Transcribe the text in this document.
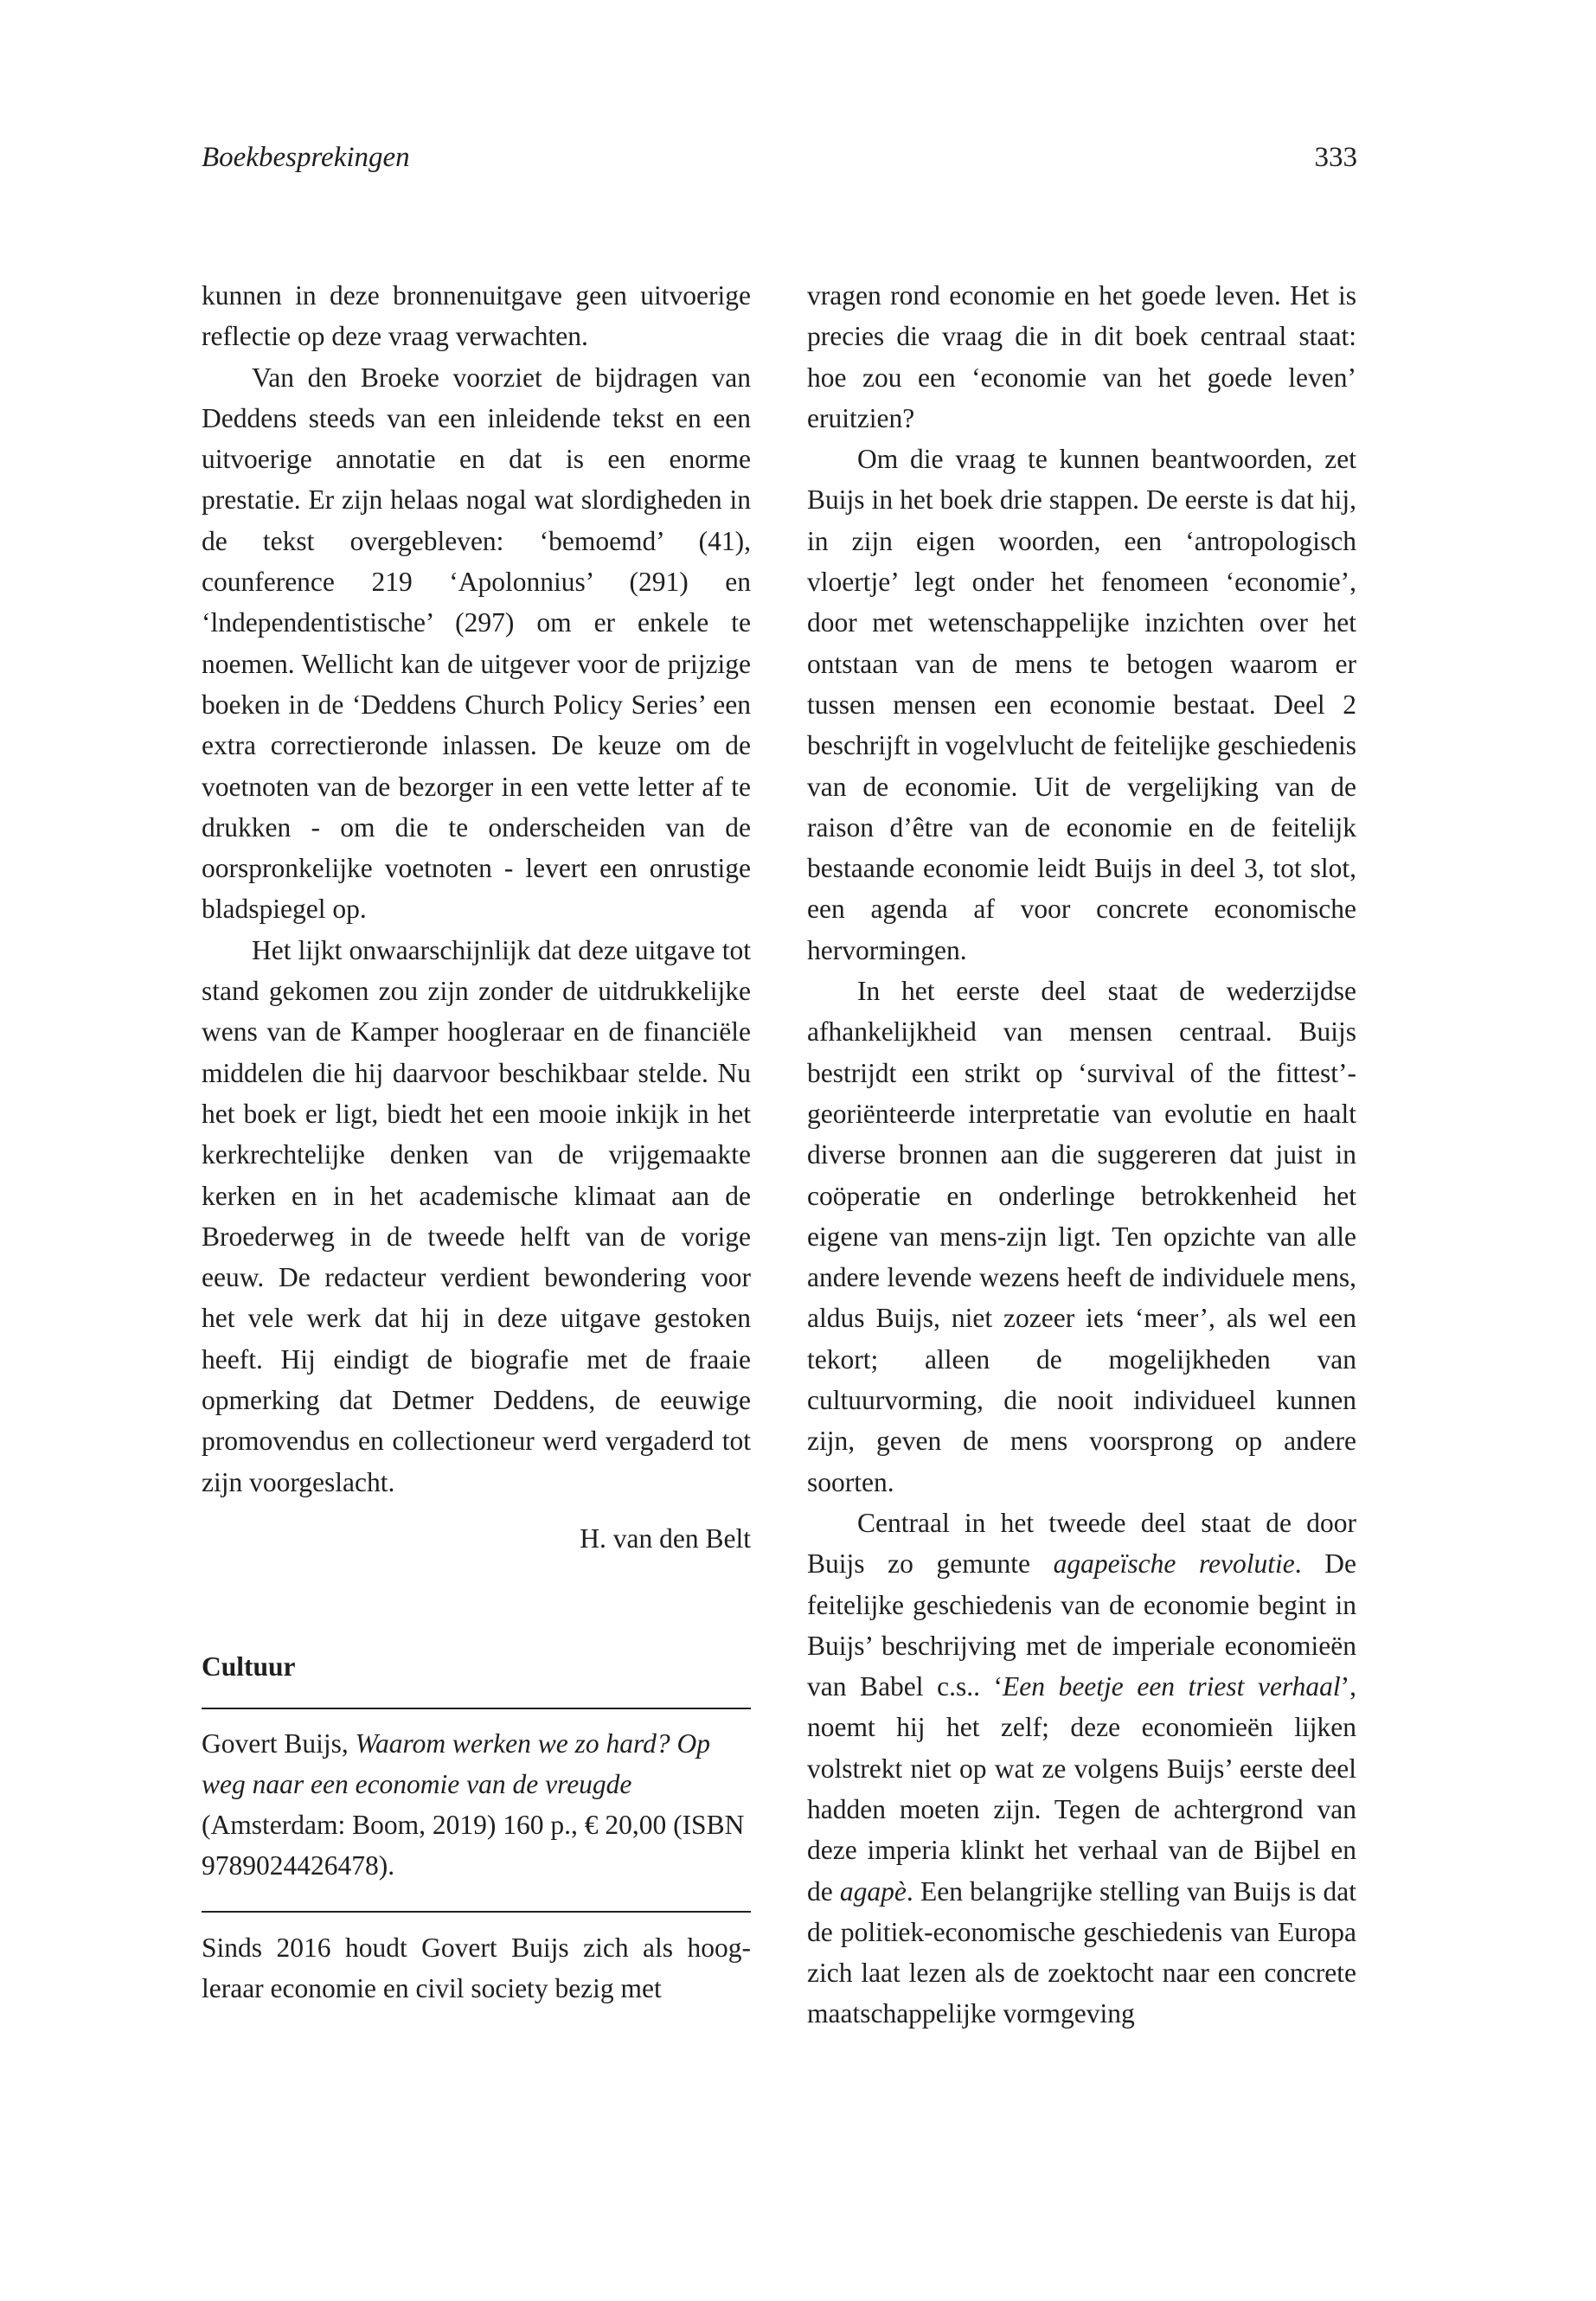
Boekbesprekingen	333

kunnen in deze bronnenuitgave geen uitvoerige reflectie op deze vraag verwachten.

Van den Broeke voorziet de bijdragen van Deddens steeds van een inleidende tekst en een uitvoerige annotatie en dat is een enorme prestatie. Er zijn helaas nogal wat slordigheden in de tekst overgebleven: ‘bemoemd’ (41), counference 219 ‘Apolonnius’ (291) en ‘lndependentistische’ (297) om er enkele te noemen. Wellicht kan de uitgever voor de prijzige boeken in de ‘Deddens Church Policy Series’ een extra correctieronde inlassen. De keuze om de voetnoten van de bezorger in een vette letter af te drukken - om die te onderscheiden van de oorspronkelijke voetnoten - levert een onrustige bladspiegel op.

Het lijkt onwaarschijnlijk dat deze uitgave tot stand gekomen zou zijn zonder de uitdrukkelijke wens van de Kamper hoogleraar en de financiële middelen die hij daarvoor beschikbaar stelde. Nu het boek er ligt, biedt het een mooie inkijk in het kerkrechtelijke denken van de vrijgemaakte kerken en in het academische klimaat aan de Broederweg in de tweede helft van de vorige eeuw. De redacteur verdient bewondering voor het vele werk dat hij in deze uitgave gestoken heeft. Hij eindigt de biografie met de fraaie opmerking dat Detmer Deddens, de eeuwige promovendus en collectioneur werd vergaderd tot zijn voorgeslacht.

H. van den Belt

Cultuur

Govert Buijs, Waarom werken we zo hard? Op weg naar een economie van de vreugde (Amsterdam: Boom, 2019) 160 p., € 20,00 (ISBN 9789024426478).

Sinds 2016 houdt Govert Buijs zich als hoogleraar economie en civil society bezig met

vragen rond economie en het goede leven. Het is precies die vraag die in dit boek centraal staat: hoe zou een ‘economie van het goede leven’ eruitzien?

Om die vraag te kunnen beantwoorden, zet Buijs in het boek drie stappen. De eerste is dat hij, in zijn eigen woorden, een ‘antropologisch vloertje’ legt onder het fenomeen ‘economie’, door met wetenschappelijke inzichten over het ontstaan van de mens te betogen waarom er tussen mensen een economie bestaat. Deel 2 beschrijft in vogelvlucht de feitelijke geschiedenis van de economie. Uit de vergelijking van de raison d’être van de economie en de feitelijk bestaande economie leidt Buijs in deel 3, tot slot, een agenda af voor concrete economische hervormingen.

In het eerste deel staat de wederzijdse afhankelijkheid van mensen centraal. Buijs bestrijdt een strikt op ‘survival of the fittest’-georiënteerde interpretatie van evolutie en haalt diverse bronnen aan die suggereren dat juist in coöperatie en onderlinge betrokkenheid het eigene van mens-zijn ligt. Ten opzichte van alle andere levende wezens heeft de individuele mens, aldus Buijs, niet zozeer iets ‘meer’, als wel een tekort; alleen de mogelijkheden van cultuurvorming, die nooit individueel kunnen zijn, geven de mens voorsprong op andere soorten.

Centraal in het tweede deel staat de door Buijs zo gemunte agapeïsche revolutie. De feitelijke geschiedenis van de economie begint in Buijs’ beschrijving met de imperiale economieën van Babel c.s.. ‘Een beetje een triest verhaal’, noemt hij het zelf; deze economieën lijken volstrekt niet op wat ze volgens Buijs’ eerste deel hadden moeten zijn. Tegen de achtergrond van deze imperia klinkt het verhaal van de Bijbel en de agapè. Een belangrijke stelling van Buijs is dat de politiek-economische geschiedenis van Europa zich laat lezen als de zoektocht naar een concrete maatschappelijke vormgeving
